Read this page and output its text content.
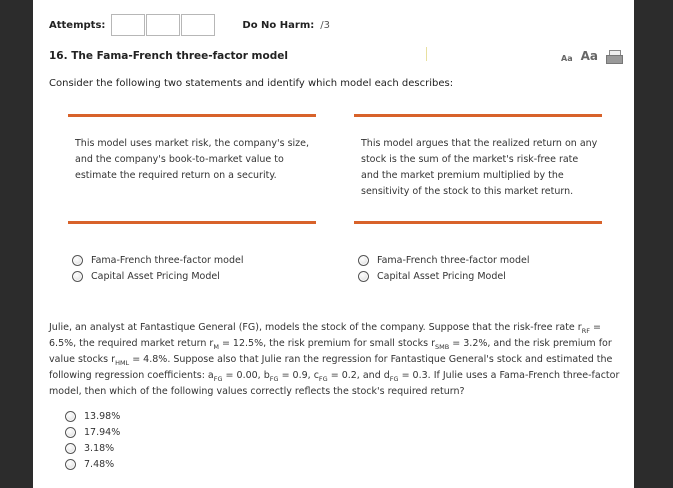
Attempts:	Do No Harm: /3
16. The Fama-French three-factor model	Aa Aa
Consider the following two statements and identify which model each describes:
This model uses market risk, the company's size, and the company's book-to-market value to estimate the required return on a security.
Fama-French three-factor model
Capital Asset Pricing Model
This model argues that the realized return on any stock is the sum of the market's risk-free rate and the market premium multiplied by the sensitivity of the stock to this market return.
Fama-French three-factor model
Capital Asset Pricing Model
Julie, an analyst at Fantastique General (FG), models the stock of the company. Suppose that the risk-free rate $r_{RF} = 6.5\%$, the required market return $r_M = 12.5\%$, the risk premium for small stocks $r_{SMB} = 3.2\%$, and the risk premium for value stocks $r_{HML} = 4.8\%$. Suppose also that Julie ran the regression for Fantastique General's stock and estimated the following regression coefficients: $a_{FG} = 0.00$, $b_{FG} = 0.9$, $c_{FG} = 0.2$, and $d_{FG} = 0.3$. If Julie uses a Fama-French three-factor model, then which of the following values correctly reflects the stock's required return?
13.98%
17.94%
3.18%
7.48%
